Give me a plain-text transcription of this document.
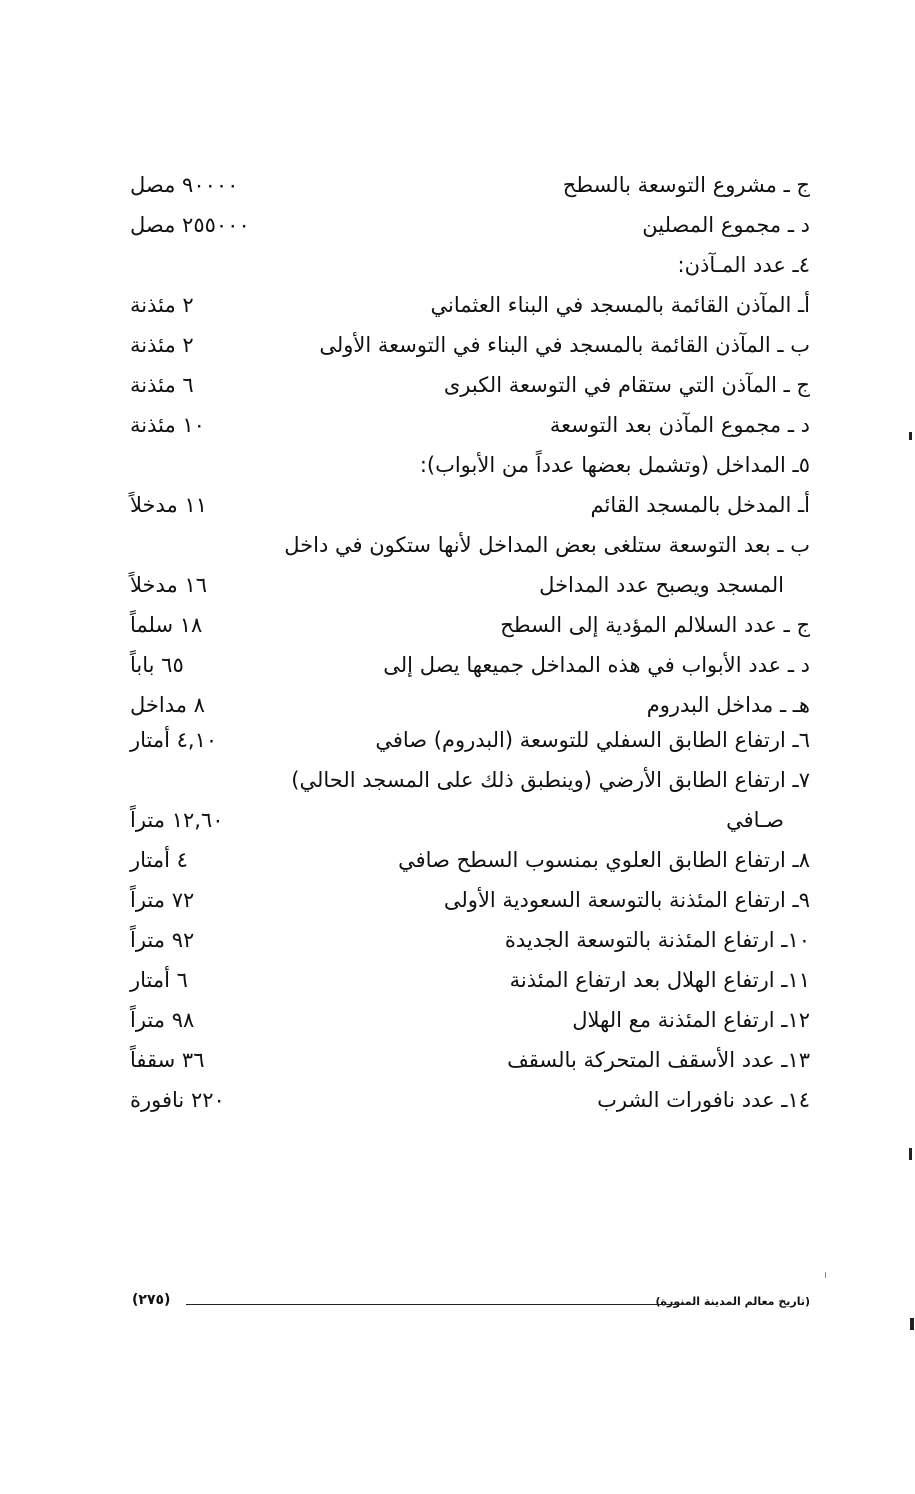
ج ـ مشروع التوسعة بالسطح
٩٠٠٠٠ مصل
د ـ مجموع المصلين
٢٥٥٠٠٠ مصل
٤ـ عدد المـآذن:
أـ المآذن القائمة بالمسجد في البناء العثماني
٢ مئذنة
ب ـ المآذن القائمة بالمسجد في البناء في التوسعة الأولى
٢ مئذنة
ج ـ المآذن التي ستقام في التوسعة الكبرى
٦ مئذنة
د ـ مجموع المآذن بعد التوسعة
١٠ مئذنة
٥ـ المداخل (وتشمل بعضها عدداً من الأبواب):
أـ المدخل بالمسجد القائم
١١ مدخلاً
ب ـ بعد التوسعة ستلغى بعض المداخل لأنها ستكون في داخل
المسجد ويصبح عدد المداخل
١٦ مدخلاً
ج ـ عدد السلالم المؤدية إلى السطح
١٨ سلماً
د ـ عدد الأبواب في هذه المداخل جميعها يصل إلى
٦٥ باباً
هـ ـ مداخل البدروم
٨ مداخل
٦ـ ارتفاع الطابق السفلي للتوسعة (البدروم) صافي
٤,١٠ أمتار
٧ـ ارتفاع الطابق الأرضي (وينطبق ذلك على المسجد الحالي)
صـافي
١٢,٦٠ متراً
٨ـ ارتفاع الطابق العلوي بمنسوب السطح صافي
٤ أمتار
٩ـ ارتفاع المئذنة بالتوسعة السعودية الأولى
٧٢ متراً
١٠ـ ارتفاع المئذنة بالتوسعة الجديدة
٩٢ متراً
١١ـ ارتفاع الهلال بعد ارتفاع المئذنة
٦ أمتار
١٢ـ ارتفاع المئذنة مع الهلال
٩٨ متراً
١٣ـ عدد الأسقف المتحركة بالسقف
٣٦ سقفاً
١٤ـ عدد نافورات الشرب
٢٢٠ نافورة
(تاريخ معالم المدينة المنورة)
(٢٧٥)
